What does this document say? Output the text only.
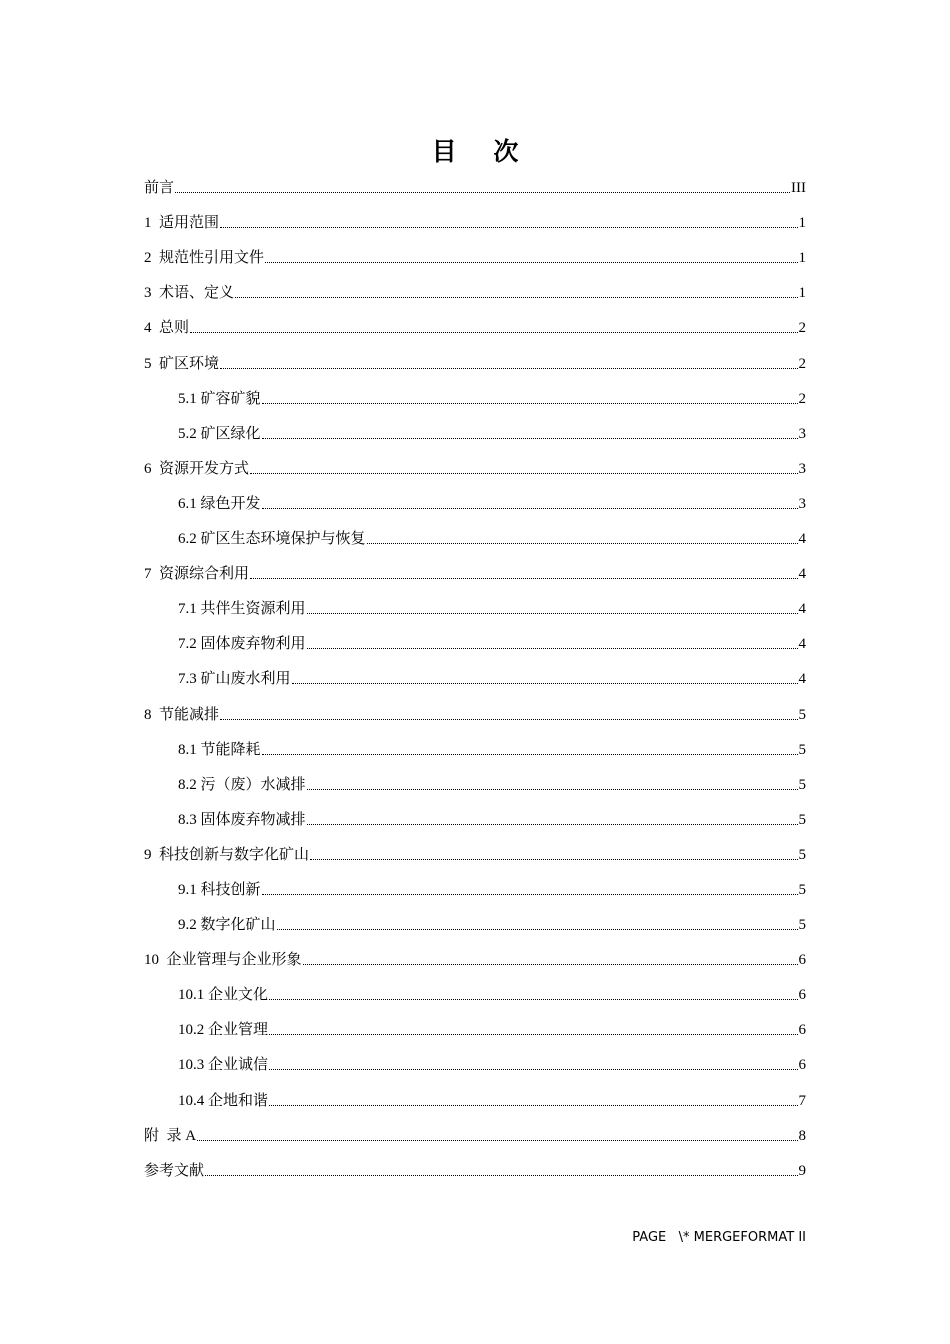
目 次
前言	III
1  适用范围	1
2  规范性引用文件	1
3  术语、定义	1
4  总则	2
5  矿区环境	2
5.1 矿容矿貌	2
5.2 矿区绿化	3
6  资源开发方式	3
6.1 绿色开发	3
6.2 矿区生态环境保护与恢复	4
7  资源综合利用	4
7.1 共伴生资源利用	4
7.2 固体废弃物利用	4
7.3 矿山废水利用	4
8  节能减排	5
8.1 节能降耗	5
8.2 污（废）水减排	5
8.3 固体废弃物减排	5
9  科技创新与数字化矿山	5
9.1 科技创新	5
9.2 数字化矿山	5
10  企业管理与企业形象	6
10.1 企业文化	6
10.2 企业管理	6
10.3 企业诚信	6
10.4 企地和谐	7
附  录 A	8
参考文献	9
PAGE   \* MERGEFORMAT II
